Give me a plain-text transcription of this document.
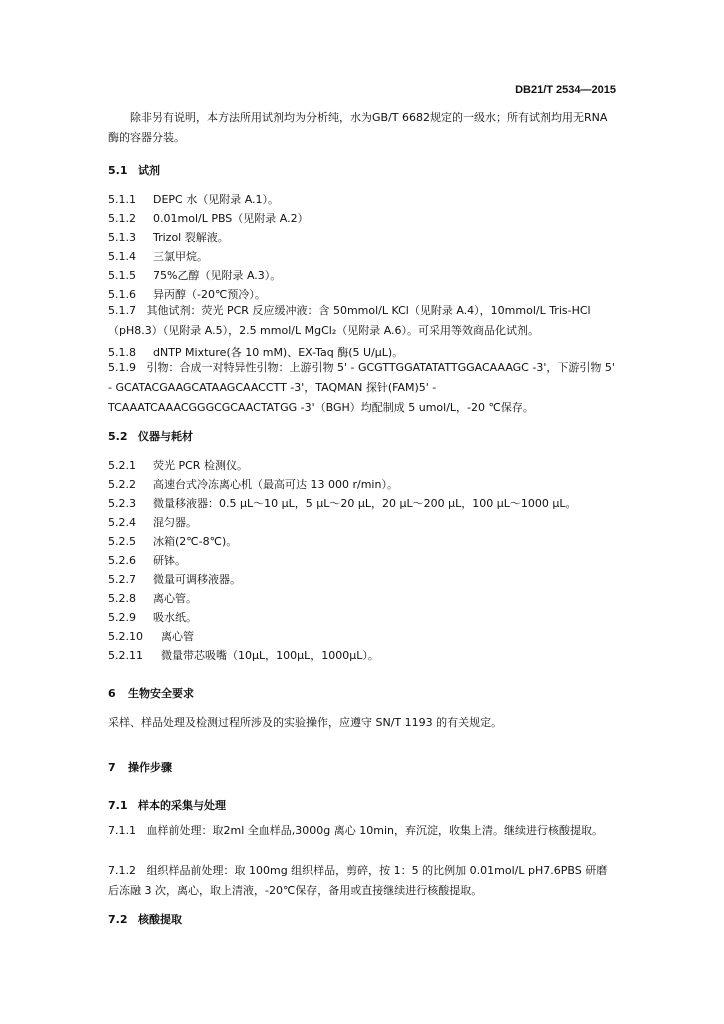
DB21/T 2534—2015
除非另有说明，本方法所用试剂均为分析纯，水为GB/T 6682规定的一级水；所有试剂均用无RNA酶的容器分装。
5.1 试剂
5.1.1 DEPC 水（见附录 A.1）。
5.1.2 0.01mol/L PBS（见附录 A.2）
5.1.3 Trizol 裂解液。
5.1.4 三氯甲烷。
5.1.5 75%乙醇（见附录 A.3）。
5.1.6 异丙醇（-20℃预冷）。
5.1.7 其他试剂：荧光 PCR 反应缓冲液：含 50mmol/L KCl（见附录 A.4），10mmol/L Tris-HCl（pH8.3）（见附录 A.5），2.5 mmol/L MgCl₂（见附录 A.6）。可采用等效商品化试剂。
5.1.8 dNTP Mixture(各 10 mM)、EX-Taq 酶(5 U/μL)。
5.1.9 引物：合成一对特异性引物：上游引物 5' - GCGTTGGATATATTGGACAAAGC -3'，下游引物 5' - GCATACGAAGCATAAGCAACCTT -3'，TAQMAN 探针(FAM)5' - TCAAATCAAACGGGCGCAACTATGG -3'（BGH）均配制成 5 umol/L，-20 ℃保存。
5.2 仪器与耗材
5.2.1 荧光 PCR 检测仪。
5.2.2 高速台式冷冻离心机（最高可达 13 000 r/min）。
5.2.3 微量移液器：0.5 μL～10 μL，5 μL～20 μL，20 μL～200 μL，100 μL～1000 μL。
5.2.4 混匀器。
5.2.5 冰箱(2℃-8℃)。
5.2.6 研钵。
5.2.7 微量可调移液器。
5.2.8 离心管。
5.2.9 吸水纸。
5.2.10 离心管
5.2.11 微量带芯吸嘴（10μL，100μL，1000μL）。
6 生物安全要求
采样、样品处理及检测过程所涉及的实验操作，应遵守 SN/T 1193 的有关规定。
7 操作步骤
7.1 样本的采集与处理
7.1.1 血样前处理：取2ml 全血样品,3000g 离心 10min，弃沉淀，收集上清。继续进行核酸提取。
7.1.2 组织样品前处理：取 100mg 组织样品，剪碎，按 1：5 的比例加 0.01mol/L pH7.6PBS 研磨后冻融 3 次，离心，取上清液，-20℃保存，备用或直接继续进行核酸提取。
7.2 核酸提取
